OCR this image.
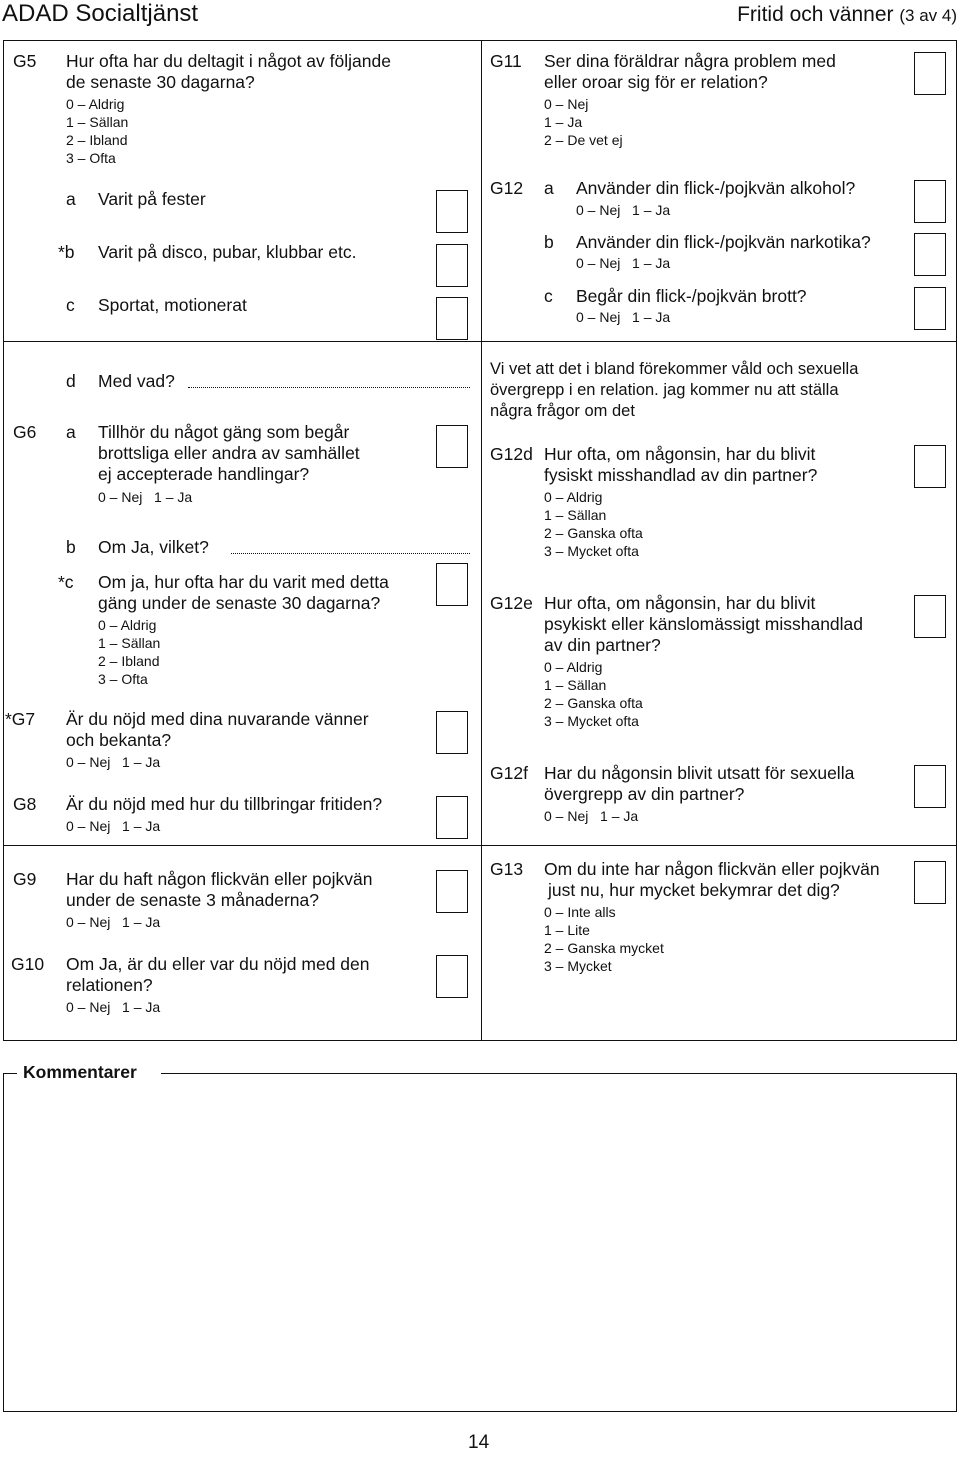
ADAD Socialtjänst	Fritid och vänner (3 av 4)
G5 Hur ofta har du deltagit i något av följande
de senaste 30 dagarna?
0 – Aldrig
1 – Sällan
2 – Ibland
3 – Ofta
a Varit på fester
*b Varit på disco, pubar, klubbar etc.
c Sportat, motionerat
d Med vad?
G6 a Tillhör du något gäng som begår
brottsliga eller andra av samhället
ej accepterade handlingar?
0 – Nej   1 – Ja
b Om Ja, vilket?
*c Om ja, hur ofta har du varit med detta
gäng under de senaste 30 dagarna?
0 – Aldrig
1 – Sällan
2 – Ibland
3 – Ofta
*G7 Är du nöjd med dina nuvarande vänner
och bekanta?
0 – Nej   1 – Ja
G8 Är du nöjd med hur du tillbringar fritiden?
0 – Nej   1 – Ja
G9 Har du haft någon flickvän eller pojkvän
under de senaste 3 månaderna?
0 – Nej   1 – Ja
G10 Om Ja, är du eller var du nöjd med den
relationen?
0 – Nej   1 – Ja
G11 Ser dina föräldrar några problem med
eller oroar sig för er relation?
0 – Nej
1 – Ja
2 – De vet ej
G12 a Använder din flick-/pojkvän alkohol?
0 – Nej   1 – Ja
b Använder din flick-/pojkvän narkotika?
0 – Nej   1 – Ja
c Begår din flick-/pojkvän brott?
0 – Nej   1 – Ja
Vi vet att det i bland förekommer våld och sexuella
övergrepp i en relation. jag kommer nu att ställa
några frågor om det
G12d Hur ofta, om någonsin, har du blivit
fysiskt misshandlad av din partner?
0 – Aldrig
1 – Sällan
2 – Ganska ofta
3 – Mycket ofta
G12e Hur ofta, om någonsin, har du blivit
psykiskt eller känslomässigt misshandlad
av din partner?
0 – Aldrig
1 – Sällan
2 – Ganska ofta
3 – Mycket ofta
G12f Har du någonsin blivit utsatt för sexuella
övergrepp av din partner?
0 – Nej   1 – Ja
G13 Om du inte har någon flickvän eller pojkvän
just nu, hur mycket bekymrar det dig?
0 – Inte alls
1 – Lite
2 – Ganska mycket
3 – Mycket
Kommentarer
14
